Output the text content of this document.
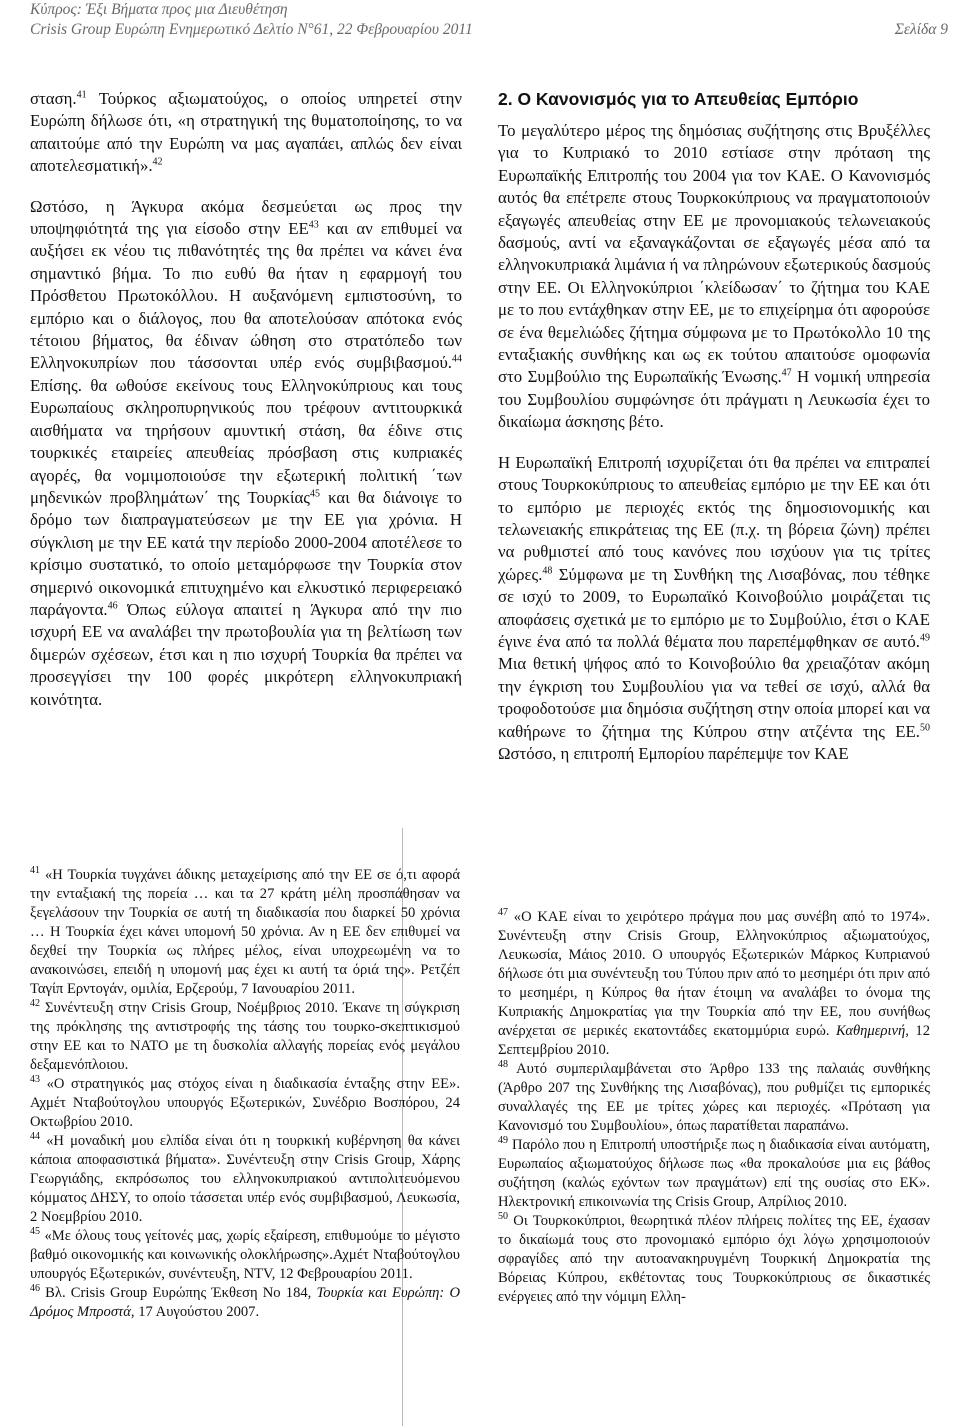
Κύπρος: Έξι Βήματα προς μια Διευθέτηση
Crisis Group Ευρώπη Ενημερωτικό Δελτίο N°61, 22 Φεβρουαρίου 2011	Σελίδα 9

σταση.$^{41}$ Τούρκος αξιωματούχος, ο οποίος υπηρετεί στην Ευρώπη δήλωσε ότι, «η στρατηγική της θυματοποίησης, το να απαιτούμε από την Ευρώπη να μας αγαπάει, απλώς δεν είναι αποτελεσματική».$^{42}$

Ωστόσο, η Άγκυρα ακόμα δεσμεύεται ως προς την υποψηφιότητά της για είσοδο στην ΕΕ$^{43}$ και αν επιθυμεί να αυξήσει εκ νέου τις πιθανότητές της θα πρέπει να κάνει ένα σημαντικό βήμα. Το πιο ευθύ θα ήταν η εφαρμογή του Πρόσθετου Πρωτοκόλλου. Η αυξανόμενη εμπιστοσύνη, το εμπόριο και ο διάλογος, που θα αποτελούσαν απότοκα ενός τέτοιου βήματος, θα έδιναν ώθηση στο στρατόπεδο των Ελληνοκυπρίων που τάσσονται υπέρ ενός συμβιβασμού.$^{44}$ Επίσης. θα ωθούσε εκείνους τους Ελληνοκύπριους και τους Ευρωπαίους σκληροπυρηνικούς που τρέφουν αντιτουρκικά αισθήματα να τηρήσουν αμυντική στάση, θα έδινε στις τουρκικές εταιρείες απευθείας πρόσβαση στις κυπριακές αγορές, θα νομιμοποιούσε την εξωτερική πολιτική ΄των μηδενικών προβλημάτων΄ της Τουρκίας$^{45}$ και θα διάνοιγε το δρόμο των διαπραγματεύσεων με την ΕΕ για χρόνια. Η σύγκλιση με την ΕΕ κατά την περίοδο 2000-2004 αποτέλεσε το κρίσιμο συστατικό, το οποίο μεταμόρφωσε την Τουρκία στον σημερινό οικονομικά επιτυχημένο και ελκυστικό περιφερειακό παράγοντα.$^{46}$ Όπως εύλογα απαιτεί η Άγκυρα από την πιο ισχυρή ΕΕ να αναλάβει την πρωτοβουλία για τη βελτίωση των διμερών σχέσεων, έτσι και η πιο ισχυρή Τουρκία θα πρέπει να προσεγγίσει την 100 φορές μικρότερη ελληνοκυπριακή κοινότητα.

2. Ο Κανονισμός για το Απευθείας Εμπόριο

Το μεγαλύτερο μέρος της δημόσιας συζήτησης στις Βρυξέλλες για το Κυπριακό το 2010 εστίασε στην πρόταση της Ευρωπαϊκής Επιτροπής του 2004 για τον ΚΑΕ. Ο Κανονισμός αυτός θα επέτρεπε στους Τουρκοκύπριους να πραγματοποιούν εξαγωγές απευθείας στην ΕΕ με προνομιακούς τελωνειακούς δασμούς, αντί να εξαναγκάζονται σε εξαγωγές μέσα από τα ελληνοκυπριακά λιμάνια ή να πληρώνουν εξωτερικούς δασμούς στην ΕΕ. Οι Ελληνοκύπριοι ΄κλείδωσαν΄ το ζήτημα του ΚΑΕ με το που εντάχθηκαν στην ΕΕ, με το επιχείρημα ότι αφορούσε σε ένα θεμελιώδες ζήτημα σύμφωνα με το Πρωτόκολλο 10 της ενταξιακής συνθήκης και ως εκ τούτου απαιτούσε ομοφωνία στο Συμβούλιο της Ευρωπαϊκής Ένωσης.$^{47}$ Η νομική υπηρεσία του Συμβουλίου συμφώνησε ότι πράγματι η Λευκωσία έχει το δικαίωμα άσκησης βέτο.

Η Ευρωπαϊκή Επιτροπή ισχυρίζεται ότι θα πρέπει να επιτραπεί στους Τουρκοκύπριους το απευθείας εμπόριο με την ΕΕ και ότι το εμπόριο με περιοχές εκτός της δημοσιονομικής και τελωνειακής επικράτειας της ΕΕ (π.χ. τη βόρεια ζώνη) πρέπει να ρυθμιστεί από τους κανόνες που ισχύουν για τις τρίτες χώρες.$^{48}$ Σύμφωνα με τη Συνθήκη της Λισαβόνας, που τέθηκε σε ισχύ το 2009, το Ευρωπαϊκό Κοινοβούλιο μοιράζεται τις αποφάσεις σχετικά με το εμπόριο με το Συμβούλιο, έτσι ο ΚΑΕ έγινε ένα από τα πολλά θέματα που παρεπέμφθηκαν σε αυτό.$^{49}$ Μια θετική ψήφος από το Κοινοβούλιο θα χρειαζόταν ακόμη την έγκριση του Συμβουλίου για να τεθεί σε ισχύ, αλλά θα τροφοδοτούσε μια δημόσια συζήτηση στην οποία μπορεί και να καθήρωνε το ζήτημα της Κύπρου στην ατζέντα της ΕΕ.$^{50}$ Ωστόσο, η επιτροπή Εμπορίου παρέπεμψε τον ΚΑΕ

$^{41}$ «Η Τουρκία τυγχάνει άδικης μεταχείρισης από την ΕΕ σε ό,τι αφορά την ενταξιακή της πορεία … και τα 27 κράτη μέλη προσπάθησαν να ξεγελάσουν την Τουρκία σε αυτή τη διαδικασία που διαρκεί 50 χρόνια … Η Τουρκία έχει κάνει υπομονή 50 χρόνια. Αν η ΕΕ δεν επιθυμεί να δεχθεί την Τουρκία ως πλήρες μέλος, είναι υποχρεωμένη να το ανακοινώσει, επειδή η υπομονή μας έχει κι αυτή τα όριά της». Ρετζέπ Ταγίπ Ερντογάν, ομιλία, Ερζερούμ, 7 Ιανουαρίου 2011.

$^{42}$ Συνέντευξη στην Crisis Group, Νοέμβριος 2010. Έκανε τη σύγκριση της πρόκλησης της αντιστροφής της τάσης του τουρκο-σκεπτικισμού στην ΕΕ και το ΝΑΤΟ με τη δυσκολία αλλαγής πορείας ενός μεγάλου δεξαμενόπλοιου.

$^{43}$ «Ο στρατηγικός μας στόχος είναι η διαδικασία ένταξης στην ΕΕ». Αχμέτ Νταβούτογλου υπουργός Εξωτερικών, Συνέδριο Βοσπόρου, 24 Οκτωβρίου 2010.

$^{44}$ «Η μοναδική μου ελπίδα είναι ότι η τουρκική κυβέρνηση θα κάνει κάποια αποφασιστικά βήματα». Συνέντευξη στην Crisis Group, Χάρης Γεωργιάδης, εκπρόσωπος του ελληνοκυπριακού αντιπολιτευόμενου κόμματος ΔΗΣΥ, το οποίο τάσσεται υπέρ ενός συμβιβασμού, Λευκωσία, 2 Νοεμβρίου 2010.

$^{45}$ «Με όλους τους γείτονές μας, χωρίς εξαίρεση, επιθυμούμε το μέγιστο βαθμό οικονομικής και κοινωνικής ολοκλήρωσης».Αχμέτ Νταβούτογλου υπουργός Εξωτερικών, συνέντευξη, NTV, 12 Φεβρουαρίου 2011.

$^{46}$ Βλ. Crisis Group Ευρώπης Έκθεση Νο 184, Τουρκία και Ευρώπη: Ο Δρόμος Μπροστά, 17 Αυγούστου 2007.

$^{47}$ «Ο ΚΑΕ είναι το χειρότερο πράγμα που μας συνέβη από το 1974». Συνέντευξη στην Crisis Group, Ελληνοκύπριος αξιωματούχος, Λευκωσία, Μάιος 2010. Ο υπουργός Εξωτερικών Μάρκος Κυπριανού δήλωσε ότι μια συνέντευξη του Τύπου πριν από το μεσημέρι ότι πριν από το μεσημέρι, η Κύπρος θα ήταν έτοιμη να αναλάβει το όνομα της Κυπριακής Δημοκρατίας για την Τουρκία από την ΕΕ, που συνήθως ανέρχεται σε μερικές εκατοντάδες εκατομμύρια ευρώ. Καθημερινή, 12 Σεπτεμβρίου 2010.

$^{48}$ Αυτό συμπεριλαμβάνεται στο Άρθρο 133 της παλαιάς συνθήκης (Άρθρο 207 της Συνθήκης της Λισαβόνας), που ρυθμίζει τις εμπορικές συναλλαγές της ΕΕ με τρίτες χώρες και περιοχές. «Πρόταση για Κανονισμό του Συμβουλίου», όπως παρατίθεται παραπάνω.

$^{49}$ Παρόλο που η Επιτροπή υποστήριξε πως η διαδικασία είναι αυτόματη, Ευρωπαίος αξιωματούχος δήλωσε πως «θα προκαλούσε μια εις βάθος συζήτηση (καλώς εχόντων των πραγμάτων) επί της ουσίας στο ΕΚ». Ηλεκτρονική επικοινωνία της Crisis Group, Απρίλιος 2010.

$^{50}$ Οι Τουρκοκύπριοι, θεωρητικά πλέον πλήρεις πολίτες της ΕΕ, έχασαν το δικαίωμά τους στο προνομιακό εμπόριο όχι λόγω χρησιμοποιούν σφραγίδες από την αυτοανακηρυγμένη Τουρκική Δημοκρατία της Βόρειας Κύπρου, εκθέτοντας τους Τουρκοκύπριους σε δικαστικές ενέργειες από την νόμιμη Ελλη-
